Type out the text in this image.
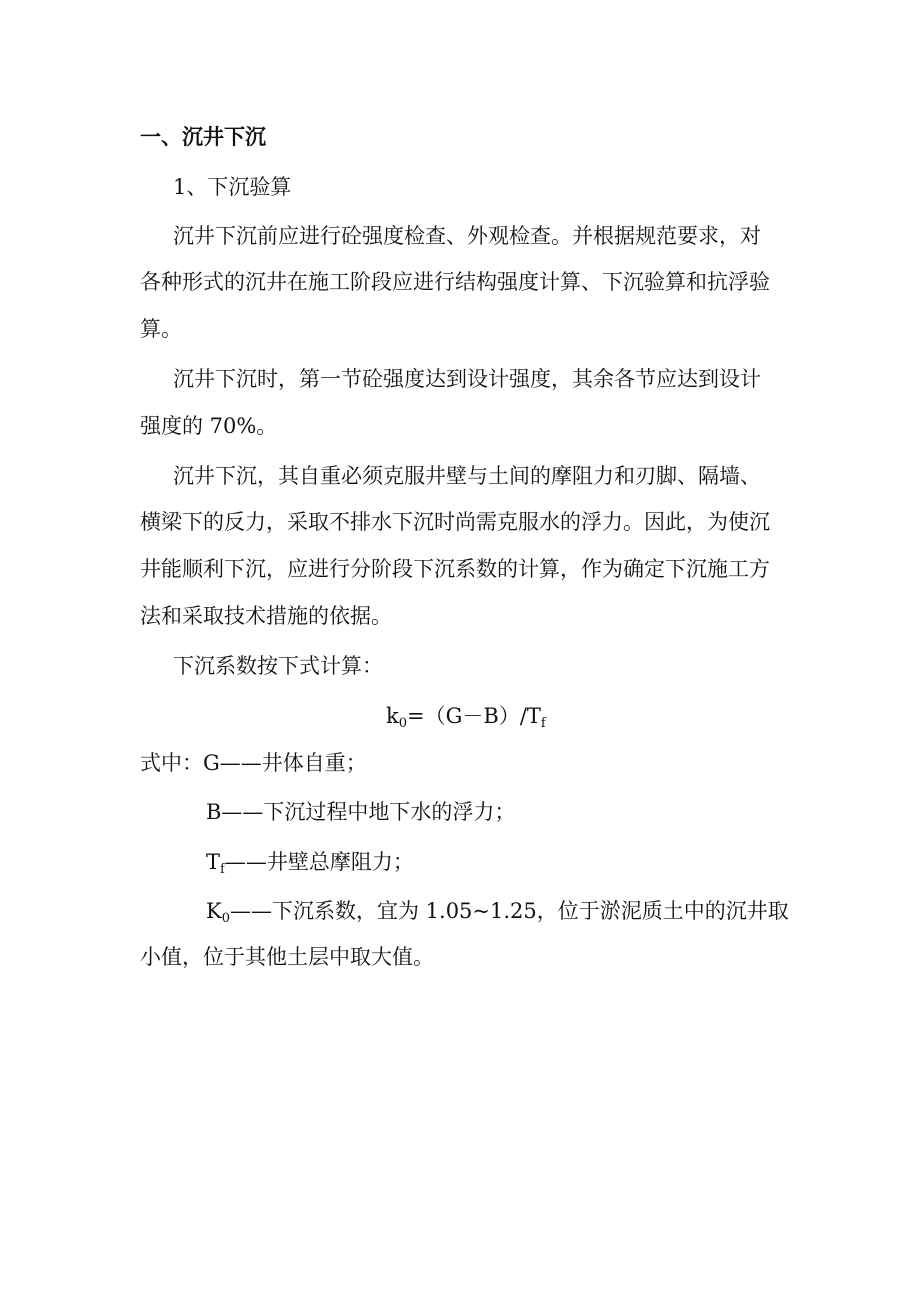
一、沉井下沉
1、下沉验算
沉井下沉前应进行砼强度检查、外观检查。并根据规范要求，对
各种形式的沉井在施工阶段应进行结构强度计算、下沉验算和抗浮验
算。
沉井下沉时，第一节砼强度达到设计强度，其余各节应达到设计
强度的 70%。
沉井下沉，其自重必须克服井壁与土间的摩阻力和刃脚、隔墙、
横梁下的反力，采取不排水下沉时尚需克服水的浮力。因此，为使沉
井能顺利下沉，应进行分阶段下沉系数的计算，作为确定下沉施工方
法和采取技术措施的依据。
下沉系数按下式计算：
$k_0=(G-B)/T_f$
式中：G——井体自重；
B——下沉过程中地下水的浮力；
$T_f——$井壁总摩阻力；
$K_0——$下沉系数，宜为 1.05~1.25，位于淤泥质土中的沉井取
小值，位于其他土层中取大值。
